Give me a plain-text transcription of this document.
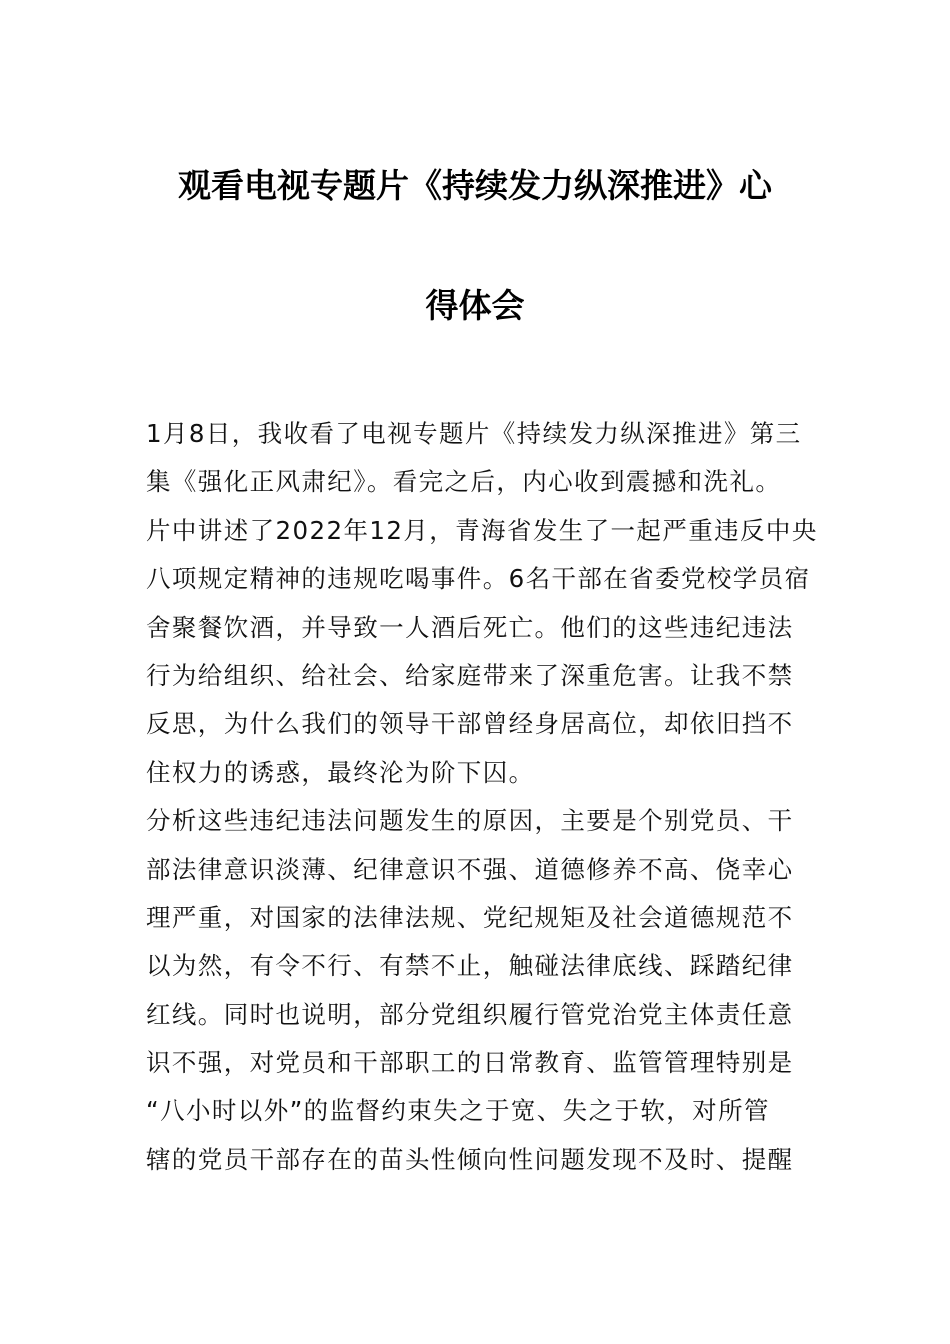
观看电视专题片《持续发力纵深推进》心
得体会
1月8日，我收看了电视专题片《持续发力纵深推进》第三
集《强化正风肃纪》。看完之后，内心收到震撼和洗礼。
片中讲述了2022年12月，青海省发生了一起严重违反中央
八项规定精神的违规吃喝事件。6名干部在省委党校学员宿
舍聚餐饮酒，并导致一人酒后死亡。他们的这些违纪违法
行为给组织、给社会、给家庭带来了深重危害。让我不禁
反思，为什么我们的领导干部曾经身居高位，却依旧挡不
住权力的诱惑，最终沦为阶下囚。
分析这些违纪违法问题发生的原因，主要是个别党员、干
部法律意识淡薄、纪律意识不强、道德修养不高、侥幸心
理严重，对国家的法律法规、党纪规矩及社会道德规范不
以为然，有令不行、有禁不止，触碰法律底线、踩踏纪律
红线。同时也说明，部分党组织履行管党治党主体责任意
识不强，对党员和干部职工的日常教育、监管管理特别是
“八小时以外”的监督约束失之于宽、失之于软，对所管
辖的党员干部存在的苗头性倾向性问题发现不及时、提醒
